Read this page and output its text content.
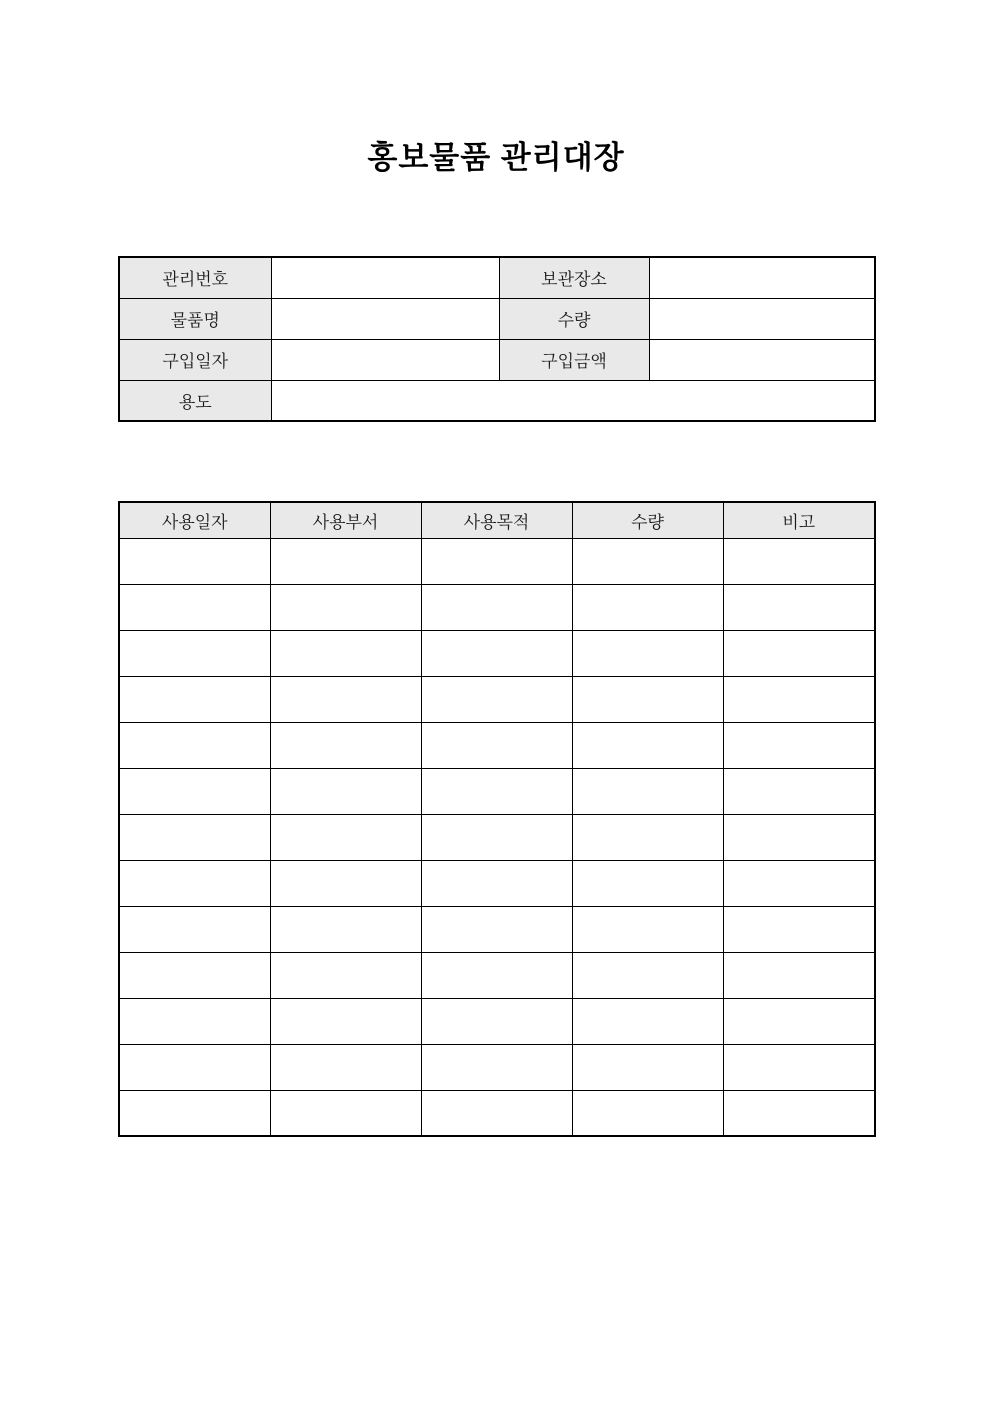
홍보물품 관리대장
관리번호		보관장소	
물품명		수량	
구입일자		구입금액	
용도			
사용일자	사용부서	사용목적	수량	비고
